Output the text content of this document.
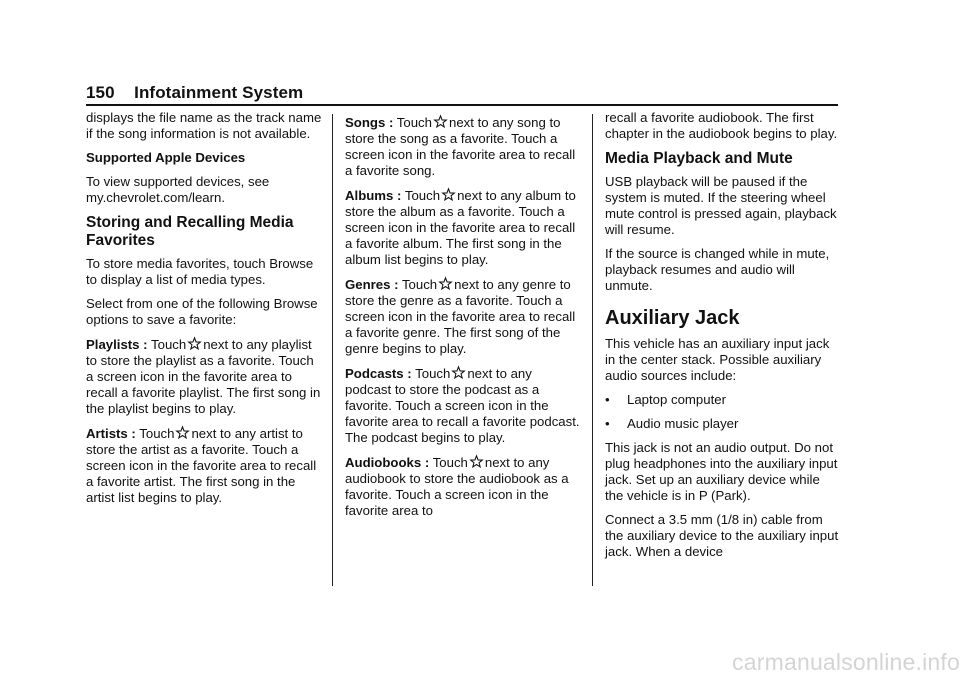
150 Infotainment System

displays the file name as the track name if the song information is not available.

Supported Apple Devices

To view supported devices, see my.chevrolet.com/learn.

Storing and Recalling Media Favorites

To store media favorites, touch Browse to display a list of media types.

Select from one of the following Browse options to save a favorite:

Playlists : Touch next to any playlist to store the playlist as a favorite. Touch a screen icon in the favorite area to recall a favorite playlist. The first song in the playlist begins to play.

Artists : Touch next to any artist to store the artist as a favorite. Touch a screen icon in the favorite area to recall a favorite artist. The first song in the artist list begins to play.

Songs : Touch next to any song to store the song as a favorite. Touch a screen icon in the favorite area to recall a favorite song.

Albums : Touch next to any album to store the album as a favorite. Touch a screen icon in the favorite area to recall a favorite album. The first song in the album list begins to play.

Genres : Touch next to any genre to store the genre as a favorite. Touch a screen icon in the favorite area to recall a favorite genre. The first song of the genre begins to play.

Podcasts : Touch next to any podcast to store the podcast as a favorite. Touch a screen icon in the favorite area to recall a favorite podcast. The podcast begins to play.

Audiobooks : Touch next to any audiobook to store the audiobook as a favorite. Touch a screen icon in the favorite area to

recall a favorite audiobook. The first chapter in the audiobook begins to play.

Media Playback and Mute

USB playback will be paused if the system is muted. If the steering wheel mute control is pressed again, playback will resume.

If the source is changed while in mute, playback resumes and audio will unmute.

Auxiliary Jack

This vehicle has an auxiliary input jack in the center stack. Possible auxiliary audio sources include:

•	Laptop computer
•	Audio music player

This jack is not an audio output. Do not plug headphones into the auxiliary input jack. Set up an auxiliary device while the vehicle is in P (Park).

Connect a 3.5 mm (1/8 in) cable from the auxiliary device to the auxiliary input jack. When a device

carmanualsonline.info
